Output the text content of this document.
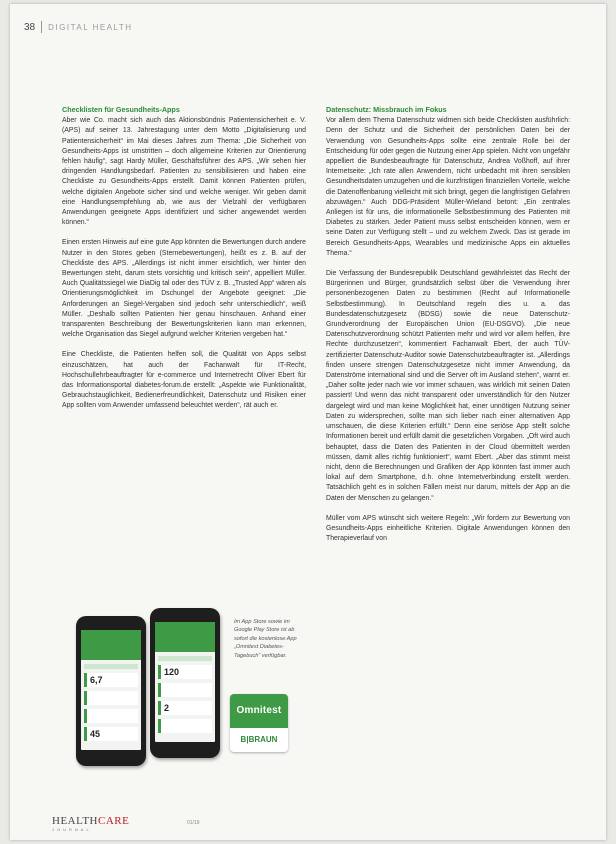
38 DIGITAL HEALTH
Checklisten für Gesundheits-Apps

Aber wie Co. macht sich auch das Aktionsbündnis Patientensicherheit e. V. (APS) auf seiner 13. Jahrestagung unter dem Motto „Digitalisierung und Patientensicherheit“ im Mai dieses Jahres zum Thema: „Die Sicherheit von Gesundheits-Apps ist umstritten – doch allgemeine Kriterien zur Orientierung fehlen häufig“, sagt Hardy Müller, Geschäftsführer des APS. „Wir sehen hier dringenden Handlungsbedarf. Patienten zu sensibilisieren und haben eine Checkliste zu Gesundheits-Apps erstellt. Damit können Patienten prüfen, welche digitalen Angebote sicher sind und welche weniger. Wir geben damit eine Handlungsempfehlung ab, wie aus der Vielzahl der verfügbaren Anwendungen geeignete Apps identifiziert und sicher angewendet werden können.“

Einen ersten Hinweis auf eine gute App könnten die Bewertungen durch andere Nutzer in den Stores geben (Sternebewertungen), heißt es z. B. auf der Checkliste des APS. „Allerdings ist nicht immer ersichtlich, wer hinter den Bewertungen steht, darum stets vorsichtig und kritisch sein“, appelliert Müller. Auch Qualitätssiegel wie DiaDig tal oder des TÜV z. B. „Trusted App“ wären als Orientierungsmöglichkeit im Dschungel der Angebote geeignet: „Die Anforderungen an Siegel-Vergaben sind jedoch sehr unterschiedlich“, weiß Müller. „Deshalb sollten Patienten hier genau hinschauen. Anhand einer transparenten Beschreibung der Bewertungskriterien kann man erkennen, welche Organisation das Siegel aufgrund welcher Kriterien vergeben hat.“

Eine Checkliste, die Patienten helfen soll, die Qualität von Apps selbst einzuschätzen, hat auch der Fachanwalt für IT-Recht, Hochschullehrbeauftragter für e-commerce und Internetrecht Oliver Ebert für das Informationsportal diabetes-forum.de erstellt: „Aspekte wie Funktionalität, Gebrauchstauglichkeit, Bedienerfreundlichkeit, Datenschutz und Risiken einer App sollten vom Anwender umfassend beleuchtet werden“, rät auch er.

Datenschutz: Missbrauch im Fokus

Vor allem dem Thema Datenschutz widmen sich beide Checklisten ausführlich: Denn der Schutz und die Sicherheit der persönlichen Daten bei der Verwendung von Gesundheits-Apps sollte eine zentrale Rolle bei der Entscheidung für oder gegen die Nutzung einer App spielen. Nicht von ungefähr appelliert die Bundesbeauftragte für Datenschutz, Andrea Voßhoff, auf ihrer Internetseite: „Ich rate allen Anwendern, nicht unbedacht mit ihren sensiblen Gesundheitsdaten umzugehen und die kurzfristigen finanziellen Vorteile, welche die Datenoffenbarung vielleicht mit sich bringt, gegen die langfristigen Gefahren abzuwägen.“ Auch DDG-Präsident Müller-Wieland betont: „Ein zentrales Anliegen ist für uns, die informationelle Selbstbestimmung des Patienten mit Diabetes zu stärken. Jeder Patient muss selbst entscheiden können, wem er seine Daten zur Verfügung stellt – und zu welchem Zweck. Das ist gerade im Bereich Gesundheits-Apps, Wearables und medizinische Apps ein aktuelles Thema.“

Die Verfassung der Bundesrepublik Deutschland gewährleistet das Recht der Bürgerinnen und Bürger, grundsätzlich selbst über die Verwendung ihrer personenbezogenen Daten zu bestimmen (Recht auf Informationelle Selbstbestimmung). In Deutschland regeln dies u. a. das Bundesdatenschutzgesetz (BDSG) sowie die neue Datenschutz-Grundverordnung der Europäischen Union (EU-DSGVO). „Die neue Datenschutzverordnung schützt Patienten mehr und wird vor allem helfen, ihre Rechte durchzusetzen“, kommentiert Fachanwalt Ebert, der auch TÜV-zertifizierter Datenschutz-Auditor sowie Datenschutzbeauftragter ist. „Allerdings finden unsere strengen Datenschutzgesetze nicht immer Anwendung, da Datenströme international sind und die Server oft im Ausland stehen“, warnt er. „Daher sollte jeder nach wie vor immer schauen, was wirklich mit seinen Daten passiert! Und wenn das nicht transparent oder unverständlich für den Nutzer dargelegt wird und man keine Möglichkeit hat, einer unnötigen Nutzung seiner Daten zu widersprechen, sollte man sich lieber nach einer alternativen App umschauen, die diese Kriterien erfüllt.“ Denn eine seriöse App stellt solche Informationen bereit und erfüllt damit die gesetzlichen Vorgaben. „Oft wird auch behauptet, dass die Daten des Patienten in der Cloud übermittelt werden müssen, damit alles richtig funktioniert“, warnt Ebert. „Aber das stimmt meist nicht, denn die Berechnungen und Grafiken der App könnten fast immer auch lokal auf dem Smartphone, d.h. ohne Internetverbindung erstellt werden. Tatsächlich geht es in solchen Fällen meist nur darum, mittels der App an die Daten der Menschen zu gelangen.“

Müller vom APS wünscht sich weitere Regeln: „Wir fordern zur Bewertung von Gesundheits-Apps einheitliche Kriterien. Digitale Anwendungen können den Therapieverlauf von

6,7
45
120
2
Im App Store sowie im Google Play Store ist ab sofort die kostenlose App „Omnitest Diabetes-Tagebuch“ verfügbar.
Omnitest
B|BRAUN
HEALTHCARE
JOURNAL
01/19
